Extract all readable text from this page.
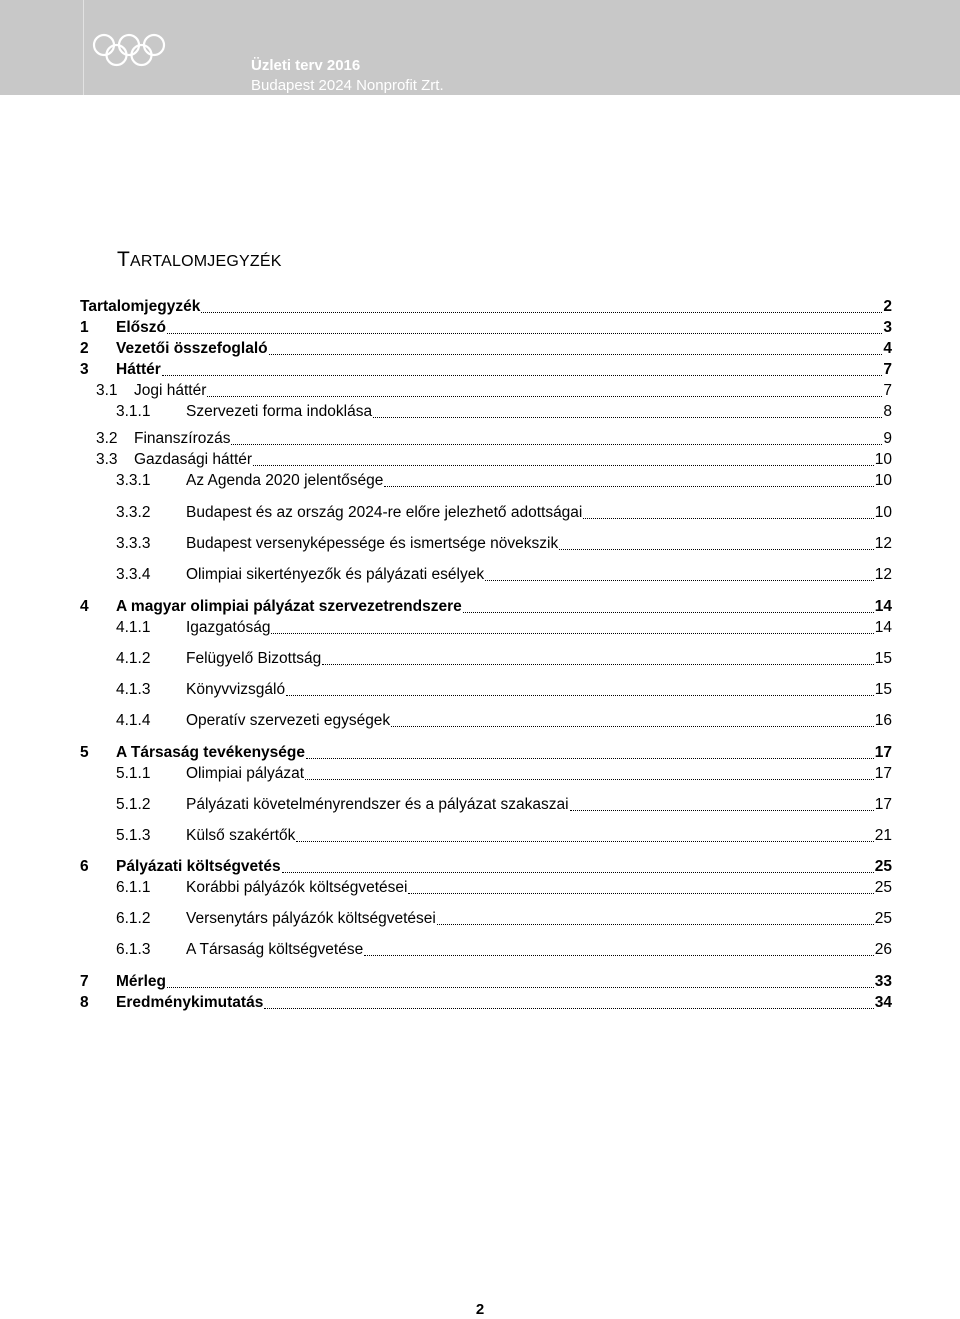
Üzleti terv 2016
Budapest 2024 Nonprofit Zrt.
TARTALOMJEGYZÉK
Tartalomjegyzék	2
1 Előszó	3
2 Vezetői összefoglaló	4
3 Háttér	7
3.1 Jogi háttér	7
3.1.1 Szervezeti forma indoklása	8
3.2 Finanszírozás	9
3.3 Gazdasági háttér	10
3.3.1 Az Agenda 2020 jelentősége	10
3.3.2 Budapest és az ország 2024-re előre jelezhető adottságai	10
3.3.3 Budapest versenyképessége és ismertsége növekszik	12
3.3.4 Olimpiai sikertényezők és pályázati esélyek	12
4 A magyar olimpiai pályázat szervezetrendszere	14
4.1.1 Igazgatóság	14
4.1.2 Felügyelő Bizottság	15
4.1.3 Könyvvizsgáló	15
4.1.4 Operatív szervezeti egységek	16
5 A Társaság tevékenysége	17
5.1.1 Olimpiai pályázat	17
5.1.2 Pályázati követelményrendszer és a pályázat szakaszai	17
5.1.3 Külső szakértők	21
6 Pályázati költségvetés	25
6.1.1 Korábbi pályázók költségvetései	25
6.1.2 Versenytárs pályázók költségvetései	25
6.1.3 A Társaság költségvetése	26
7 Mérleg	33
8 Eredménykimutatás	34
2
